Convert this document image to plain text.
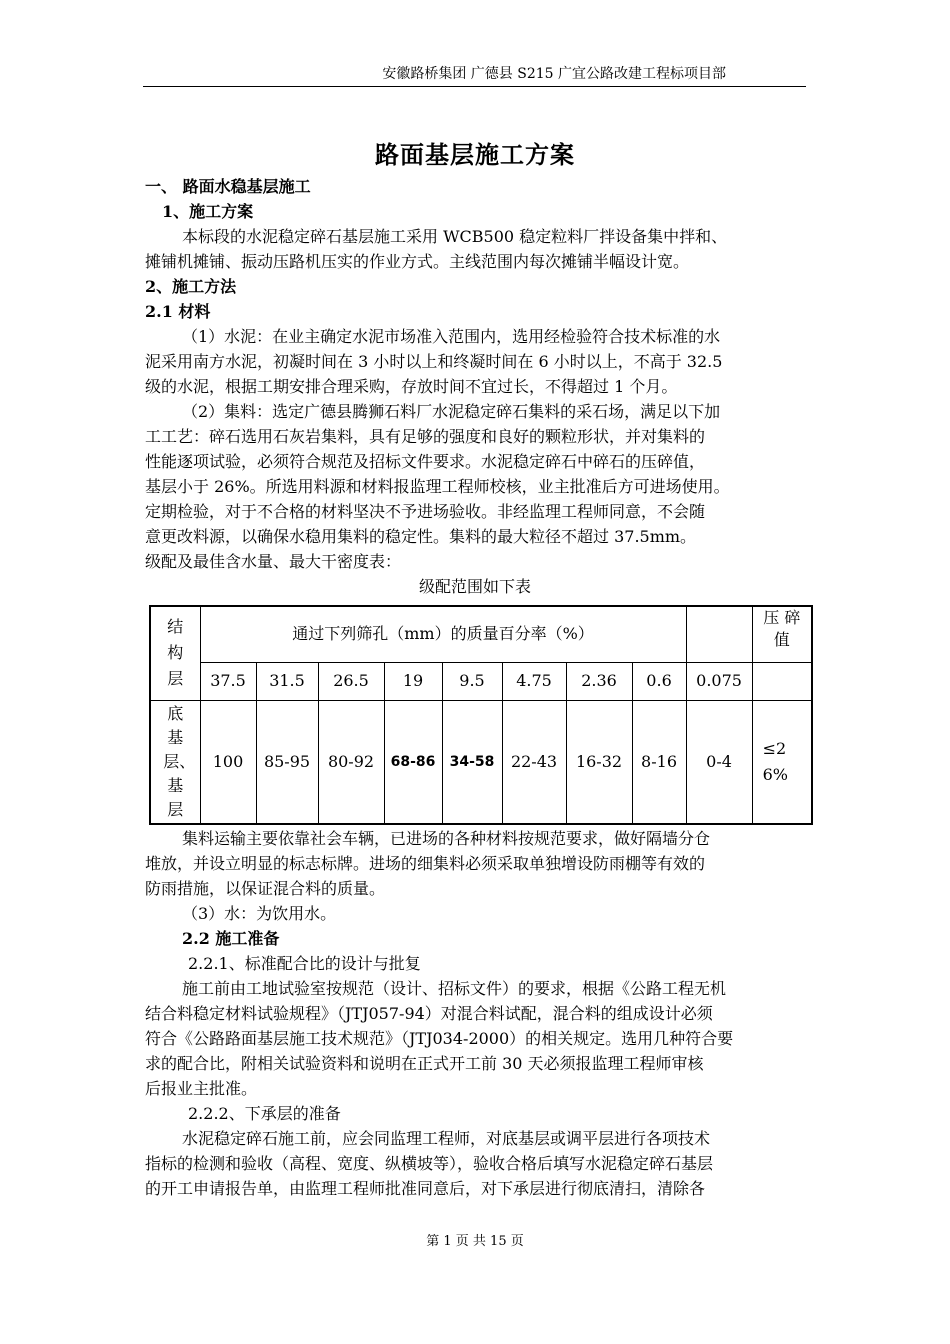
安徽路桥集团 广德县 S215 广宜公路改建工程标项目部
路面基层施工方案
一、 路面水稳基层施工
1、施工方案
本标段的水泥稳定碎石基层施工采用 WCB500 稳定粒料厂拌设备集中拌和、
摊铺机摊铺、振动压路机压实的作业方式。主线范围内每次摊铺半幅设计宽。
2、施工方法
2.1 材料
（1）水泥：在业主确定水泥市场准入范围内，选用经检验符合技术标准的水
泥采用南方水泥，初凝时间在 3 小时以上和终凝时间在 6 小时以上，不高于 32.5
级的水泥，根据工期安排合理采购，存放时间不宜过长，不得超过 1 个月。
（2）集料：选定广德县腾狮石料厂水泥稳定碎石集料的采石场，满足以下加
工工艺：碎石选用石灰岩集料，具有足够的强度和良好的颗粒形状，并对集料的
性能逐项试验，必须符合规范及招标文件要求。水泥稳定碎石中碎石的压碎值，
基层小于 26%。所选用料源和材料报监理工程师校核，业主批准后方可进场使用。
定期检验，对于不合格的材料坚决不予进场验收。非经监理工程师同意，不会随
意更改料源，以确保水稳用集料的稳定性。集料的最大粒径不超过 37.5mm。
级配及最佳含水量、最大干密度表：
级配范围如下表
结构层	通过下列筛孔（mm）的质量百分率（%）									压 碎 值

	37.5	31.5	26.5	19	9.5	4.75	2.36	0.6	0.075	

底基层、基层	100	85-95	80-92	68-86	34-58	22-43	16-32	8-16	0-4	≤26%
集料运输主要依靠社会车辆，已进场的各种材料按规范要求，做好隔墙分仓
堆放，并设立明显的标志标牌。进场的细集料必须采取单独增设防雨棚等有效的
防雨措施，以保证混合料的质量。
（3）水：为饮用水。
2.2 施工准备
2.2.1、标准配合比的设计与批复
施工前由工地试验室按规范（设计、招标文件）的要求，根据《公路工程无机
结合料稳定材料试验规程》（JTJ057-94）对混合料试配，混合料的组成设计必须
符合《公路路面基层施工技术规范》（JTJ034-2000）的相关规定。选用几种符合要
求的配合比，附相关试验资料和说明在正式开工前 30 天必须报监理工程师审核
后报业主批准。
2.2.2、下承层的准备
水泥稳定碎石施工前，应会同监理工程师，对底基层或调平层进行各项技术
指标的检测和验收（高程、宽度、纵横坡等），验收合格后填写水泥稳定碎石基层
的开工申请报告单，由监理工程师批准同意后，对下承层进行彻底清扫，清除各
第 1 页 共 15 页
